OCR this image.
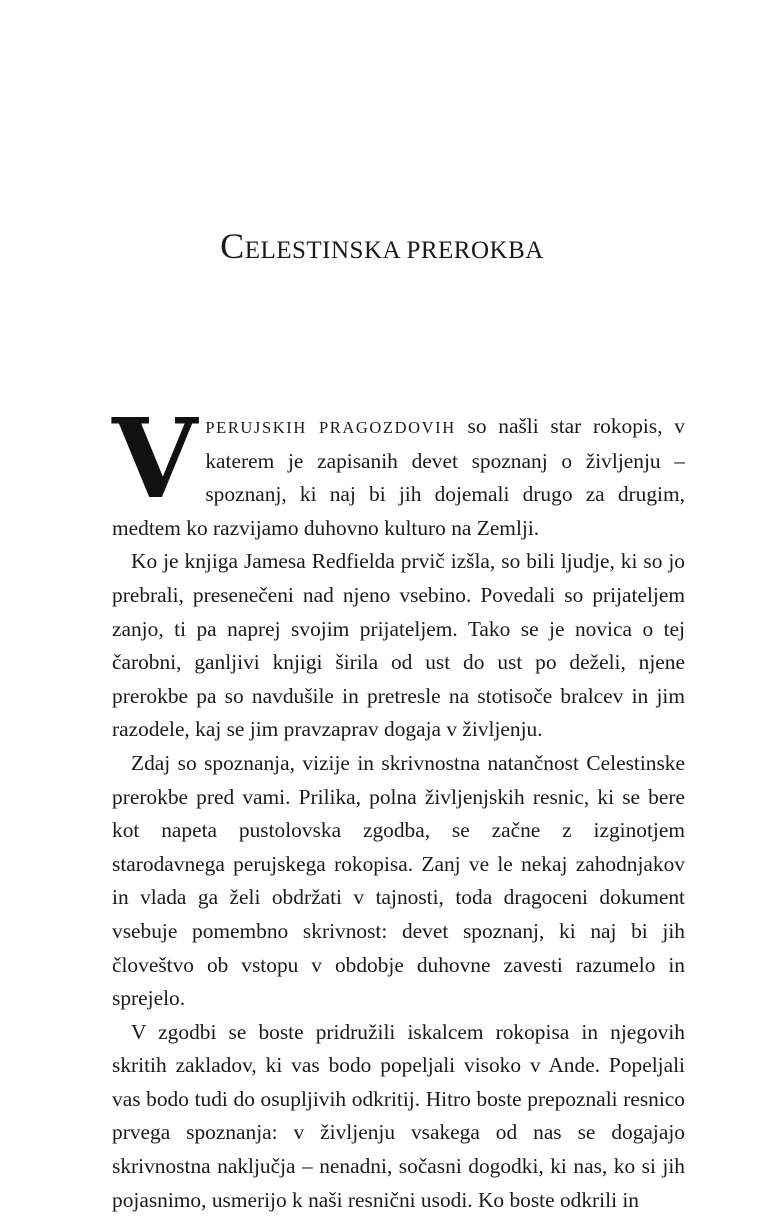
CELESTINSKA PREROKBA

VPERUJSKIH PRAGOZDOVIH so našli star rokopis, v katerem je zapisanih devet spoznanj o življenju – spoznanj, ki naj bi jih dojemali drugo za drugim, medtem ko razvijamo duhovno kulturo na Zemlji.

Ko je knjiga Jamesa Redfielda prvič izšla, so bili ljudje, ki so jo prebrali, presenečeni nad njeno vsebino. Povedali so prijateljem zanjo, ti pa naprej svojim prijateljem. Tako se je novica o tej čarobni, ganljivi knjigi širila od ust do ust po deželi, njene prerokbe pa so navdušile in pretresle na stotisoče bralcev in jim razodele, kaj se jim pravzaprav dogaja v življenju.

Zdaj so spoznanja, vizije in skrivnostna natančnost Celestinske prerokbe pred vami. Prilika, polna življenjskih resnic, ki se bere kot napeta pustolovska zgodba, se začne z izginotjem starodavnega perujskega rokopisa. Zanj ve le nekaj zahodnjakov in vlada ga želi obdržati v tajnosti, toda dragoceni dokument vsebuje pomembno skrivnost: devet spoznanj, ki naj bi jih človeštvo ob vstopu v obdobje duhovne zavesti razumelo in sprejelo.

V zgodbi se boste pridružili iskalcem rokopisa in njegovih skritih zakladov, ki vas bodo popeljali visoko v Ande. Popeljali vas bodo tudi do osupljivih odkritij. Hitro boste prepoznali resnico prvega spoznanja: v življenju vsakega od nas se dogajajo skrivnostna naključja – nenadni, sočasni dogodki, ki nas, ko si jih pojasnimo, usmerijo k naši resnični usodi. Ko boste odkrili in
